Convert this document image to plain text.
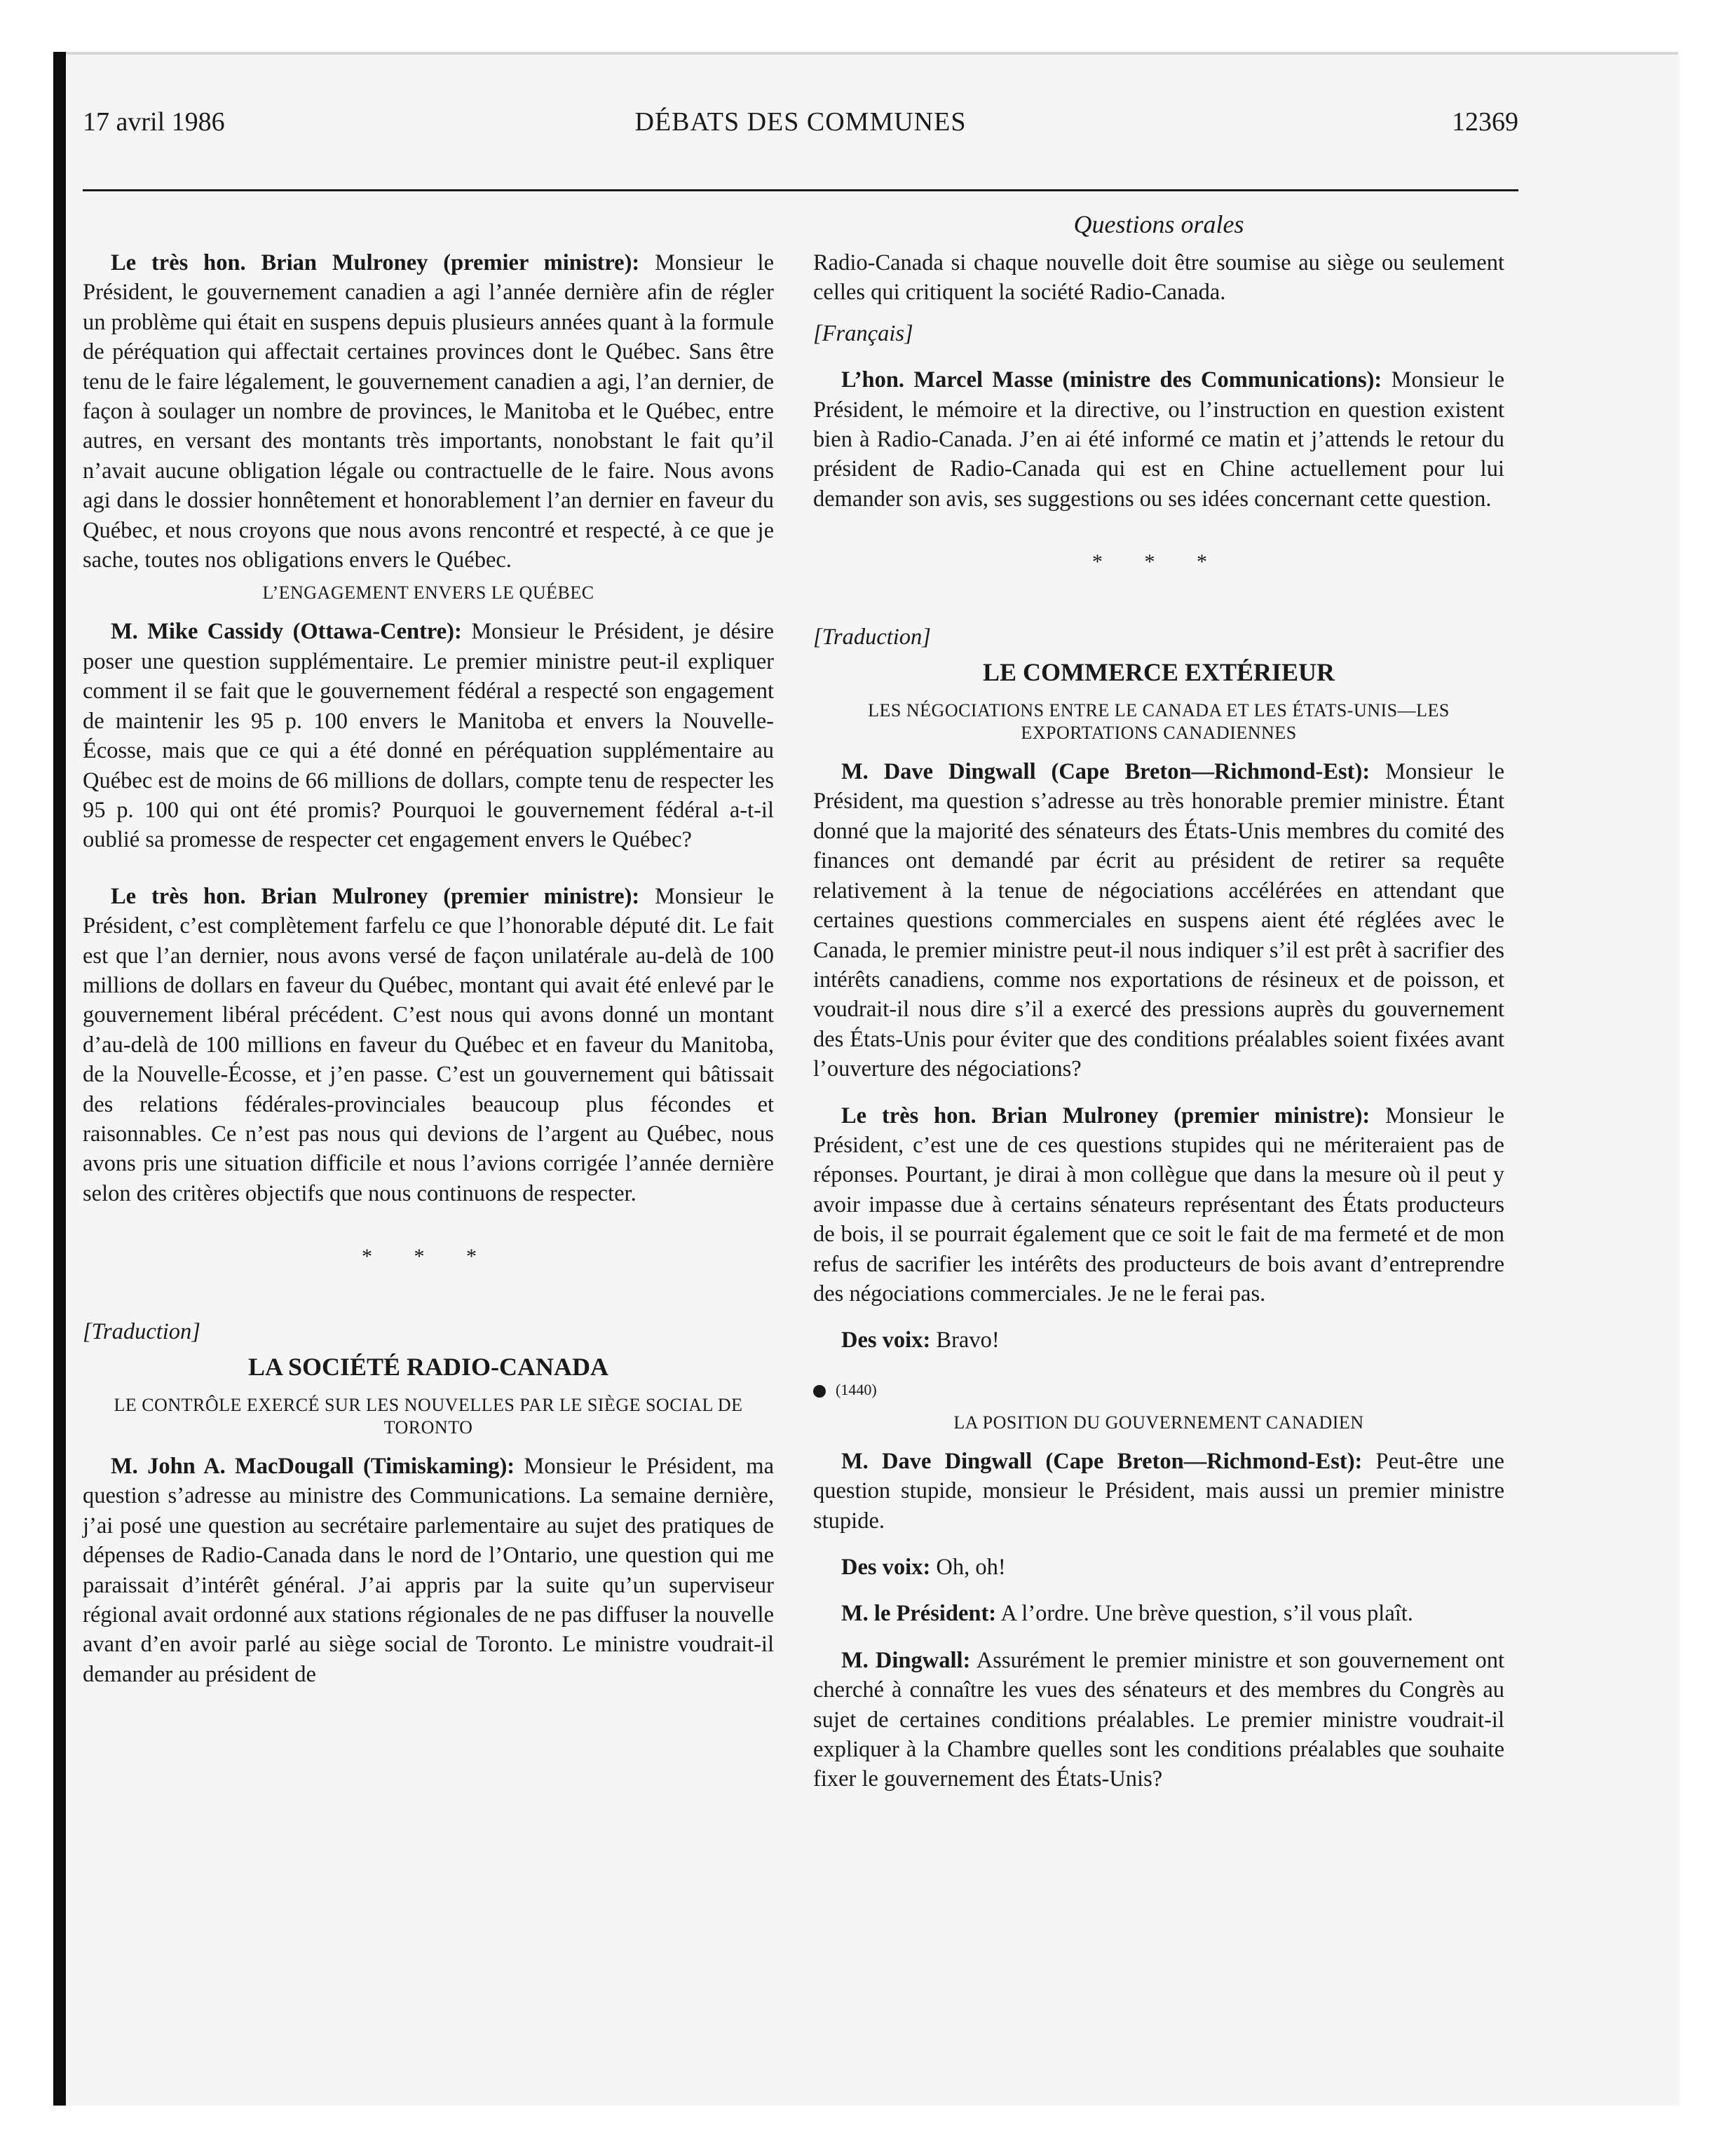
DÉBATS DES COMMUNES
17 avril 1986	12369
Questions orales

Le très hon. Brian Mulroney (premier ministre): Monsieur le Président, le gouvernement canadien a agi l’année dernière afin de régler un problème qui était en suspens depuis plusieurs années quant à la formule de péréquation qui affectait certaines provinces dont le Québec. Sans être tenu de le faire légalement, le gouvernement canadien a agi, l’an dernier, de façon à soulager un nombre de provinces, le Manitoba et le Québec, entre autres, en versant des montants très importants, nonobstant le fait qu’il n’avait aucune obligation légale ou contractuelle de le faire. Nous avons agi dans le dossier honnêtement et honorablement l’an dernier en faveur du Québec, et nous croyons que nous avons rencontré et respecté, à ce que je sache, toutes nos obligations envers le Québec.

L’ENGAGEMENT ENVERS LE QUÉBEC

M. Mike Cassidy (Ottawa-Centre): Monsieur le Président, je désire poser une question supplémentaire. Le premier ministre peut-il expliquer comment il se fait que le gouvernement fédéral a respecté son engagement de maintenir les 95 p. 100 envers le Manitoba et envers la Nouvelle-Écosse, mais que ce qui a été donné en péréquation supplémentaire au Québec est de moins de 66 millions de dollars, compte tenu de respecter les 95 p. 100 qui ont été promis? Pourquoi le gouvernement fédéral a-t-il oublié sa promesse de respecter cet engagement envers le Québec?

Le très hon. Brian Mulroney (premier ministre): Monsieur le Président, c’est complètement farfelu ce que l’honorable député dit. Le fait est que l’an dernier, nous avons versé de façon unilatérale au-delà de 100 millions de dollars en faveur du Québec, montant qui avait été enlevé par le gouvernement libéral précédent. C’est nous qui avons donné un montant d’au-delà de 100 millions en faveur du Québec et en faveur du Manitoba, de la Nouvelle-Écosse, et j’en passe. C’est un gouvernement qui bâtissait des relations fédérales-provinciales beaucoup plus fécondes et raisonnables. Ce n’est pas nous qui devions de l’argent au Québec, nous avons pris une situation difficile et nous l’avions corrigée l’année dernière selon des critères objectifs que nous continuons de respecter.

* * *

[Traduction]

LA SOCIÉTÉ RADIO-CANADA
LE CONTRÔLE EXERCÉ SUR LES NOUVELLES PAR LE SIÈGE SOCIAL DE TORONTO

M. John A. MacDougall (Timiskaming): Monsieur le Président, ma question s’adresse au ministre des Communications. La semaine dernière, j’ai posé une question au secrétaire parlementaire au sujet des pratiques de dépenses de Radio-Canada dans le nord de l’Ontario, une question qui me paraissait d’intérêt général. J’ai appris par la suite qu’un superviseur régional avait ordonné aux stations régionales de ne pas diffuser la nouvelle avant d’en avoir parlé au siège social de Toronto. Le ministre voudrait-il demander au président de

Radio-Canada si chaque nouvelle doit être soumise au siège ou seulement celles qui critiquent la société Radio-Canada.

[Français]

L’hon. Marcel Masse (ministre des Communications): Monsieur le Président, le mémoire et la directive, ou l’instruction en question existent bien à Radio-Canada. J’en ai été informé ce matin et j’attends le retour du président de Radio-Canada qui est en Chine actuellement pour lui demander son avis, ses suggestions ou ses idées concernant cette question.

* * *

[Traduction]

LE COMMERCE EXTÉRIEUR
LES NÉGOCIATIONS ENTRE LE CANADA ET LES ÉTATS-UNIS—LES EXPORTATIONS CANADIENNES

M. Dave Dingwall (Cape Breton—Richmond-Est): Monsieur le Président, ma question s’adresse au très honorable premier ministre. Étant donné que la majorité des sénateurs des États-Unis membres du comité des finances ont demandé par écrit au président de retirer sa requête relativement à la tenue de négociations accélérées en attendant que certaines questions commerciales en suspens aient été réglées avec le Canada, le premier ministre peut-il nous indiquer s’il est prêt à sacrifier des intérêts canadiens, comme nos exportations de résineux et de poisson, et voudrait-il nous dire s’il a exercé des pressions auprès du gouvernement des États-Unis pour éviter que des conditions préalables soient fixées avant l’ouverture des négociations?

Le très hon. Brian Mulroney (premier ministre): Monsieur le Président, c’est une de ces questions stupides qui ne mériteraient pas de réponses. Pourtant, je dirai à mon collègue que dans la mesure où il peut y avoir impasse due à certains sénateurs représentant des États producteurs de bois, il se pourrait également que ce soit le fait de ma fermeté et de mon refus de sacrifier les intérêts des producteurs de bois avant d’entreprendre des négociations commerciales. Je ne le ferai pas.

Des voix: Bravo!

(1440)

LA POSITION DU GOUVERNEMENT CANADIEN

M. Dave Dingwall (Cape Breton—Richmond-Est): Peut-être une question stupide, monsieur le Président, mais aussi un premier ministre stupide.

Des voix: Oh, oh!

M. le Président: A l’ordre. Une brève question, s’il vous plaît.

M. Dingwall: Assurément le premier ministre et son gouvernement ont cherché à connaître les vues des sénateurs et des membres du Congrès au sujet de certaines conditions préalables. Le premier ministre voudrait-il expliquer à la Chambre quelles sont les conditions préalables que souhaite fixer le gouvernement des États-Unis?
